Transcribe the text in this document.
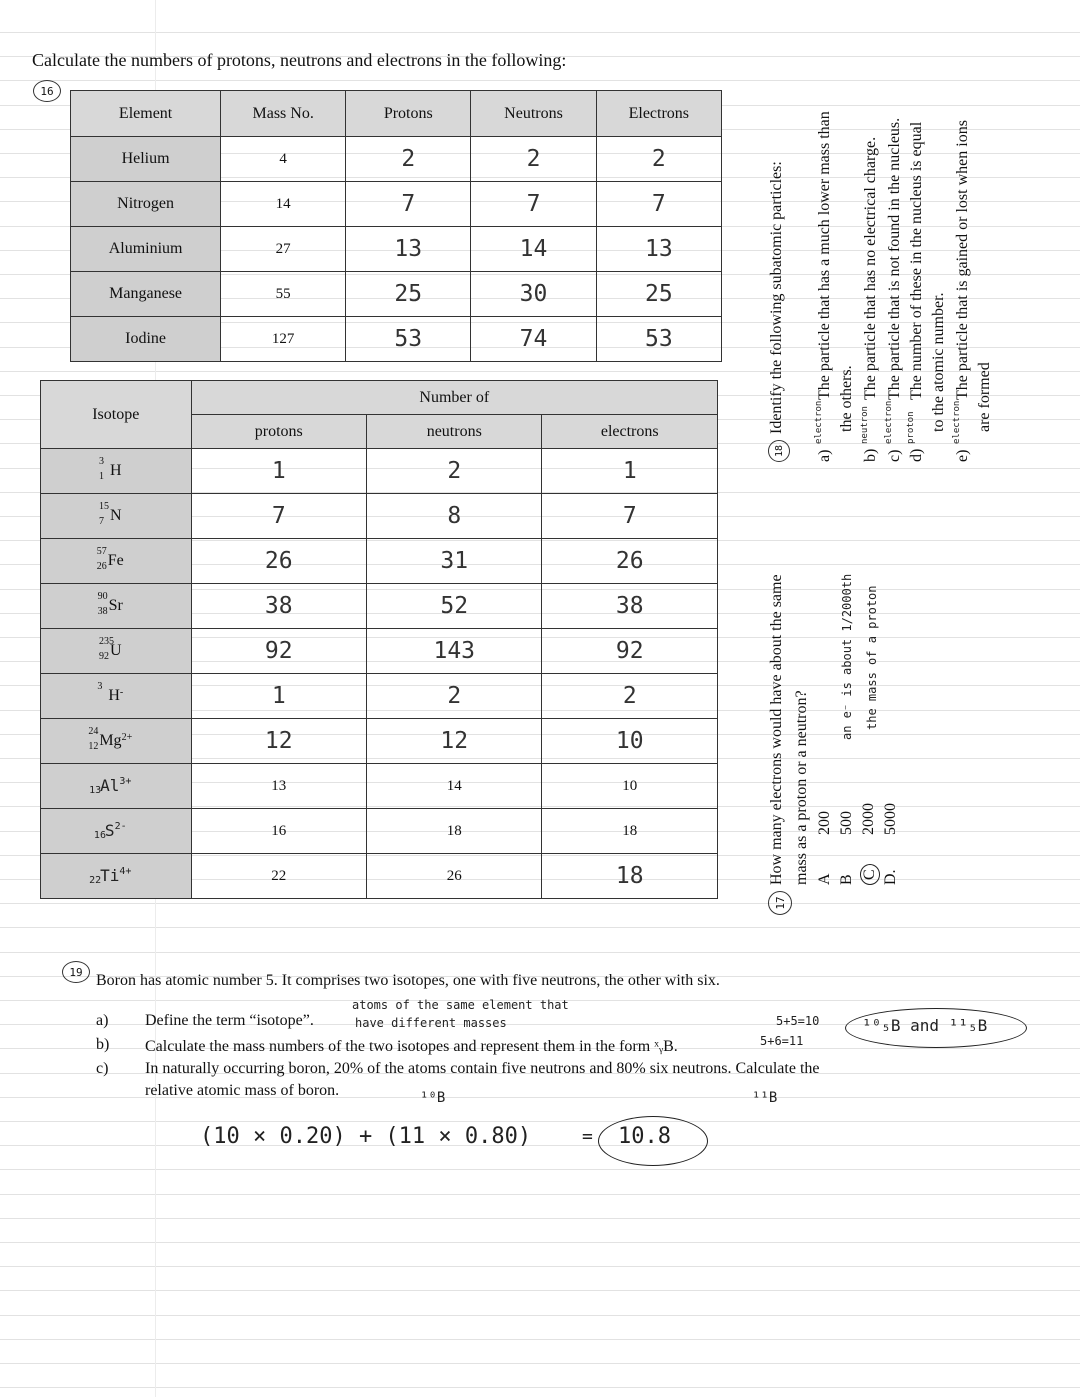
Calculate the numbers of protons, neutrons and electrons in the following:
16
Element	Mass No.	Protons	Neutrons	Electrons
Helium	4	2	2	2
Nitrogen	14	7	7	7
Aluminium	27	13	14	13
Manganese	55	25	30	25
Iodine	127	53	74	53
Isotope	Number of		
	protons	neutrons	electrons

3
1 H	1	2	1

15
7 N	7	8	7

57
26 Fe	26	31	26

90
38 Sr	38	52	38

235
92 U	92	143	92

3
H-	1	2	2

24
12 $Mg^{2+}$	12	12	10

13
$Al^{3+}$	13	14	10

16
$S^{2-}$	16	18	18

22
$Ti^{4+}$	22	26	18
17
How many electrons would have about the same mass as a proton or a neutron? A
200
B
500
C
2000
D.
5000
an e⁻ is about 1/2000th the mass of a proton
18
Identify the following subatomic particles:
a)
electron
The particle that has a much lower mass than the others.
b)
neutron
The particle that has no electrical charge.
c)
electron
The particle that is not found in the nucleus.
d)
proton
The number of these in the nucleus is equal to the atomic number.
e)
electron
The particle that is gained or lost when ions are formed
19 Boron has atomic number 5. It comprises two isotopes, one with five neutrons, the other with six.
a) Define the term “isotope”.
atoms of the same element that
have different masses
b) Calculate the mass numbers of the two isotopes and represent them in the form ˣᵧB.
5+5=10
5+6=11
¹⁰₅B and ¹¹₅B
c) In naturally occurring boron, 20% of the atoms contain five neutrons and 80% six neutrons. Calculate the
relative atomic mass of boron.	¹⁰B	¹¹B
(10 × 0.20) + (11 × 0.80)	= 10.8
